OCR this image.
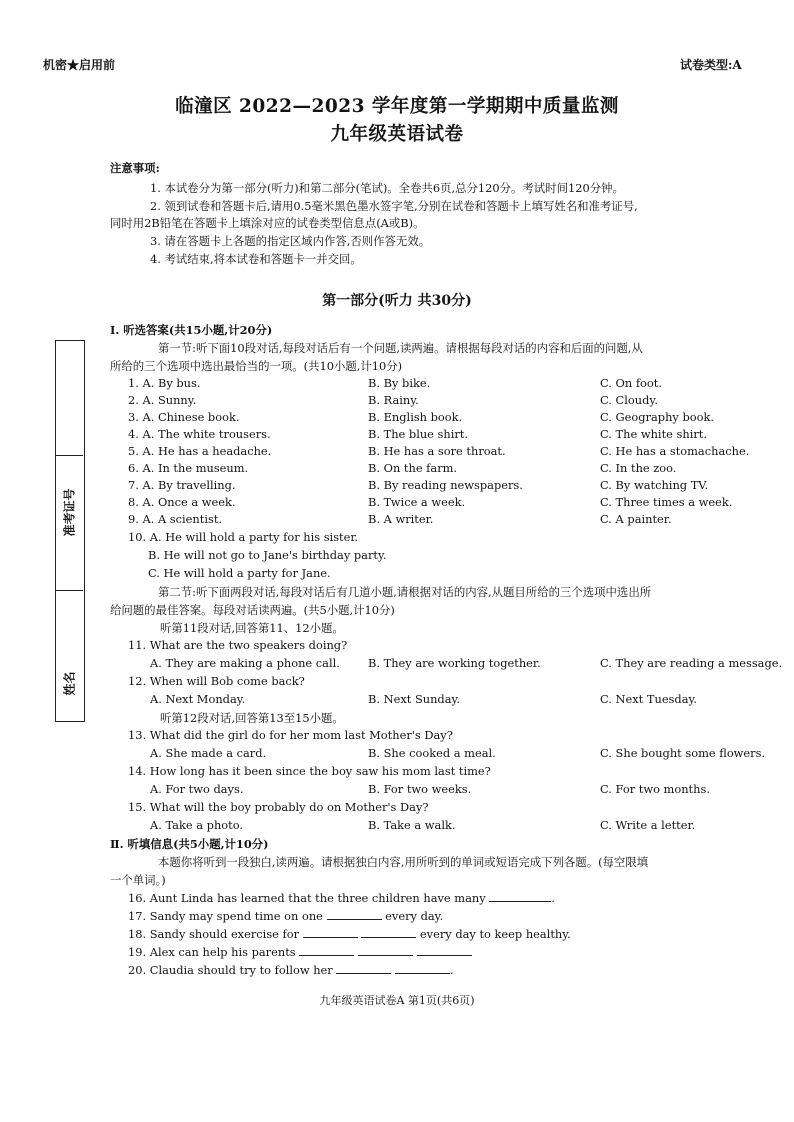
机密★启用前	试卷类型:A
临潼区 2022—2023 学年度第一学期期中质量监测
九年级英语试卷
注意事项:
1. 本试卷分为第一部分(听力)和第二部分(笔试)。全卷共6页,总分120分。考试时间120分钟。
2. 领到试卷和答题卡后,请用0.5毫米黑色墨水签字笔,分别在试卷和答题卡上填写姓名和准考证号,
同时用2B铅笔在答题卡上填涂对应的试卷类型信息点(A或B)。
3. 请在答题卡上各题的指定区域内作答,否则作答无效。
4. 考试结束,将本试卷和答题卡一并交回。
准考证号
姓名
第一部分(听力 共30分)
Ⅰ. 听选答案(共15小题,计20分)
第一节:听下面10段对话,每段对话后有一个问题,读两遍。请根据每段对话的内容和后面的问题,从
所给的三个选项中选出最恰当的一项。(共10小题,计10分)
1. A. By bus.	B. By bike.	C. On foot.
2. A. Sunny.	B. Rainy.	C. Cloudy.
3. A. Chinese book.	B. English book.	C. Geography book.
4. A. The white trousers.	B. The blue shirt.	C. The white shirt.
5. A. He has a headache.	B. He has a sore throat.	C. He has a stomachache.
6. A. In the museum.	B. On the farm.	C. In the zoo.
7. A. By travelling.	B. By reading newspapers.	C. By watching TV.
8. A. Once a week.	B. Twice a week.	C. Three times a week.
9. A. A scientist.	B. A writer.	C. A painter.
10. A. He will hold a party for his sister.
B. He will not go to Jane's birthday party.
C. He will hold a party for Jane.
第二节:听下面两段对话,每段对话后有几道小题,请根据对话的内容,从题目所给的三个选项中选出所
给问题的最佳答案。每段对话读两遍。(共5小题,计10分)
听第11段对话,回答第11、12小题。
11. What are the two speakers doing?
A. They are making a phone call. B. They are working together.	C. They are reading a message.
12. When will Bob come back?
A. Next Monday.	B. Next Sunday.	C. Next Tuesday.
听第12段对话,回答第13至15小题。
13. What did the girl do for her mom last Mother's Day?
A. She made a card.	B. She cooked a meal.	C. She bought some flowers.
14. How long has it been since the boy saw his mom last time?
A. For two days.	B. For two weeks.	C. For two months.
15. What will the boy probably do on Mother's Day?
A. Take a photo.	B. Take a walk.	C. Write a letter.
Ⅱ. 听填信息(共5小题,计10分)
本题你将听到一段独白,读两遍。请根据独白内容,用所听到的单词或短语完成下列各题。(每空限填
一个单词。)
16. Aunt Linda has learned that the three children have many	.
17. Sandy may spend time on one	every day.
18. Sandy should exercise for	every day to keep healthy.
19. Alex can help his parents
20. Claudia should try to follow her	.
九年级英语试卷A 第1页(共6页)
